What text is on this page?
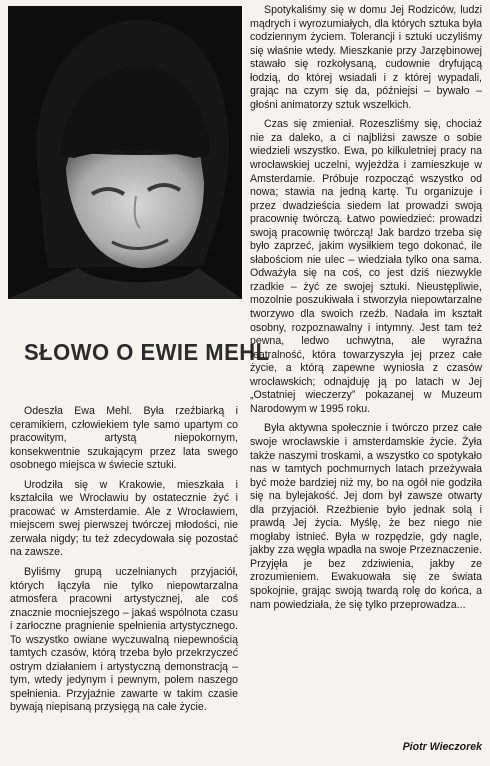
SŁOWO O EWIE MEHL

Odeszła Ewa Mehl. Była rzeźbiarką i ceramikiem, człowiekiem tyle samo upartym co pracowitym, artystą niepokornym, konsekwentnie szukającym przez lata swego osobnego miejsca w świecie sztuki.

Urodziła się w Krakowie, mieszkała i kształciła we Wrocławiu by ostatecznie żyć i pracować w Amsterdamie. Ale z Wrocławiem, miejscem swej pierwszej twórczej młodości, nie zerwała nigdy; tu też zdecydowała się pozostać na zawsze.

Byliśmy grupą uczelnianych przyjaciół, których łączyła nie tylko niepowtarzalna atmosfera pracowni artystycznej, ale coś znacznie mocniejszego – jakaś wspólnota czasu i zarłoczne pragnienie spełnienia artystycznego. To wszystko owiane wyczuwalną niepewnością tamtych czasów, którą trzeba było przekrzyczeć ostrym działaniem i artystyczną demonstracją – tym, wtedy jedynym i pewnym, polem naszego spełnienia. Przyjaźnie zawarte w takim czasie bywają niepisaną przysięgą na całe życie.

Spotykaliśmy się w domu Jej Rodziców, ludzi mądrych i wyrozumiałych, dla których sztuka była codziennym życiem. Tolerancji i sztuki uczyliśmy się właśnie wtedy. Mieszkanie przy Jarzębinowej stawało się rozkołysaną, cudownie dryfującą łodzią, do której wsiadali i z której wypadali, grając na czym się da, późniejsi – bywało – głośni animatorzy sztuk wszelkich.

Czas się zmieniał. Rozeszliśmy się, chociaż nie za daleko, a ci najbliżsi zawsze o sobie wiedzieli wszystko. Ewa, po kilkuletniej pracy na wrocławskiej uczelni, wyjeżdża i zamieszkuje w Amsterdamie. Próbuje rozpocząć wszystko od nowa; stawia na jedną kartę. Tu organizuje i przez dwadzieścia siedem lat prowadzi swoją pracownię twórczą. Łatwo powiedzieć: prowadzi swoją pracownię twórczą! Jak bardzo trzeba się było zaprzeć, jakim wysiłkiem tego dokonać, ile słabościom nie ulec – wiedziała tylko ona sama. Odważyła się na coś, co jest dziś niezwykle rzadkie – żyć ze swojej sztuki. Nieustępliwie, mozolnie poszukiwała i stworzyła niepowtarzalne tworzywo dla swoich rzeźb. Nadała im kształt osobny, rozpoznawalny i intymny. Jest tam też pewna, ledwo uchwytna, ale wyraźna teatralność, która towarzyszyła jej przez całe życie, a którą zapewne wyniosła z czasów wrocławskich; odnajduję ją po latach w Jej „Ostatniej wieczerzy” pokazanej w Muzeum Narodowym w 1995 roku.

Była aktywna społecznie i twórczo przez całe swoje wrocławskie i amsterdamskie życie. Żyła także naszymi troskami, a wszystko co spotykało nas w tamtych pochmurnych latach przeżywała być może bardziej niż my, bo na ogół nie godziła się na bylejakość. Jej dom był zawsze otwarty dla przyjaciół. Rzeźbienie było jednak solą i prawdą Jej życia. Myślę, że bez niego nie mogłaby istnieć. Była w rozpędzie, gdy nagle, jakby zza węgła wpadła na swoje Przeznaczenie. Przyjęła je bez zdziwienia, jakby ze zrozumieniem. Ewakuowała się ze świata spokojnie, grając swoją twardą rolę do końca, a nam powiedziała, że się tylko przeprowadza...

Piotr Wieczorek
